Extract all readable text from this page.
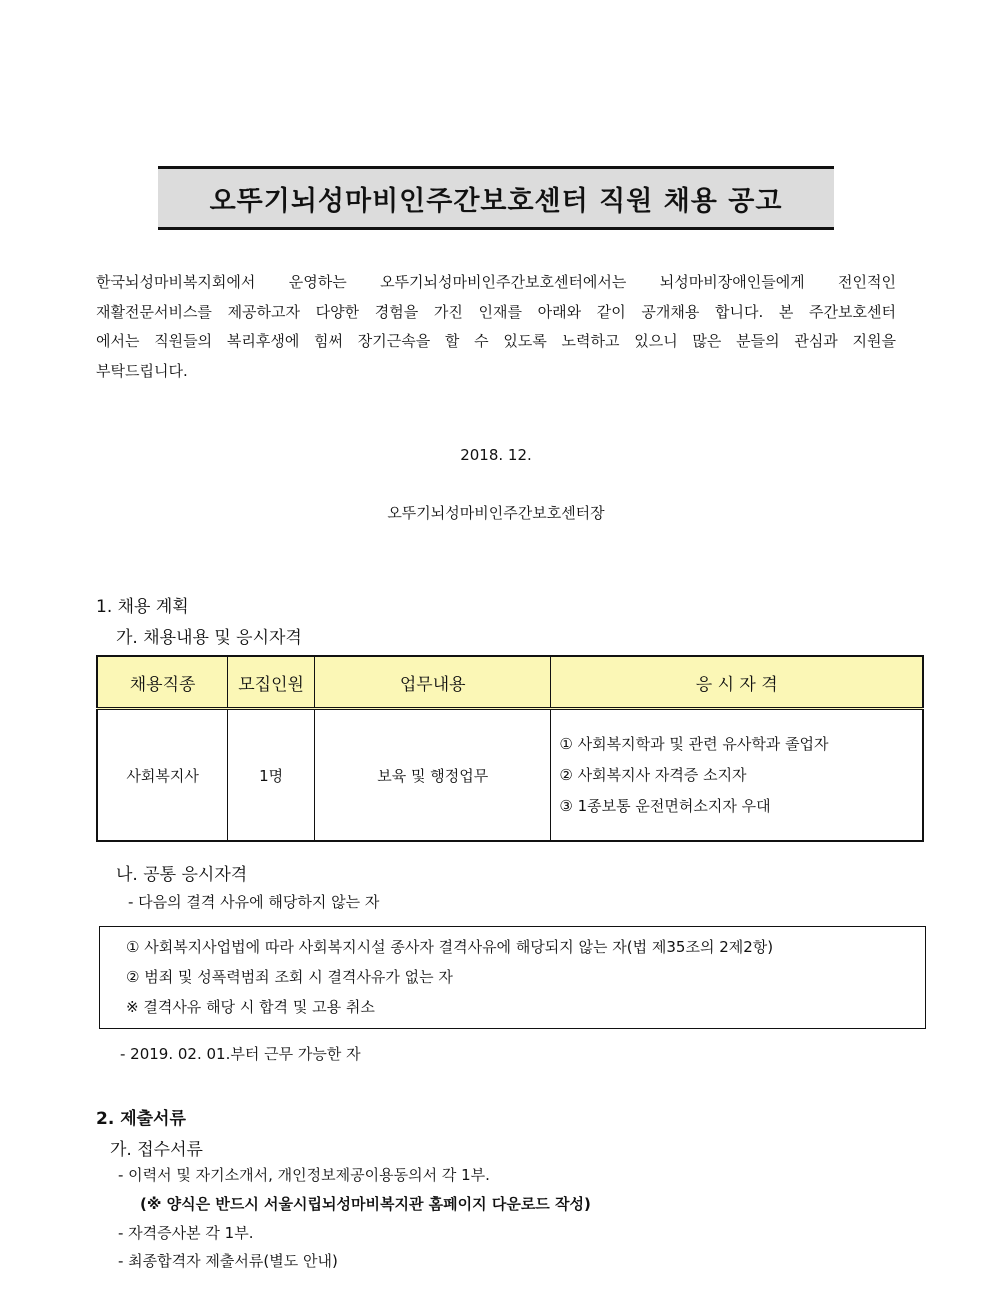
오뚜기뇌성마비인주간보호센터 직원 채용 공고
한국뇌성마비복지회에서 운영하는 오뚜기뇌성마비인주간보호센터에서는 뇌성마비장애인들에게 전인적인
재활전문서비스를 제공하고자 다양한 경험을 가진 인재를 아래와 같이 공개채용 합니다. 본 주간보호센터
에서는 직원들의 복리후생에 힘써 장기근속을 할 수 있도록 노력하고 있으니 많은 분들의 관심과 지원을
부탁드립니다.
2018. 12.
오뚜기뇌성마비인주간보호센터장
1. 채용 계획
가. 채용내용 및 응시자격
채용직종	모집인원	업무내용	응 시 자 격
사회복지사	1명	보육 및 행정업무	① 사회복지학과 및 관련 유사학과 졸업자
② 사회복지사 자격증 소지자
③ 1종보통 운전면허소지자 우대
나. 공통 응시자격
- 다음의 결격 사유에 해당하지 않는 자
① 사회복지사업법에 따라 사회복지시설 종사자 결격사유에 해당되지 않는 자(법 제35조의 2제2항)
② 범죄 및 성폭력범죄 조회 시 결격사유가 없는 자
※ 결격사유 해당 시 합격 및 고용 취소
- 2019. 02. 01.부터 근무 가능한 자
2. 제출서류
가. 접수서류
- 이력서 및 자기소개서, 개인정보제공이용동의서 각 1부.
(※ 양식은 반드시 서울시립뇌성마비복지관 홈페이지 다운로드 작성)
- 자격증사본 각 1부.
- 최종합격자 제출서류(별도 안내)
